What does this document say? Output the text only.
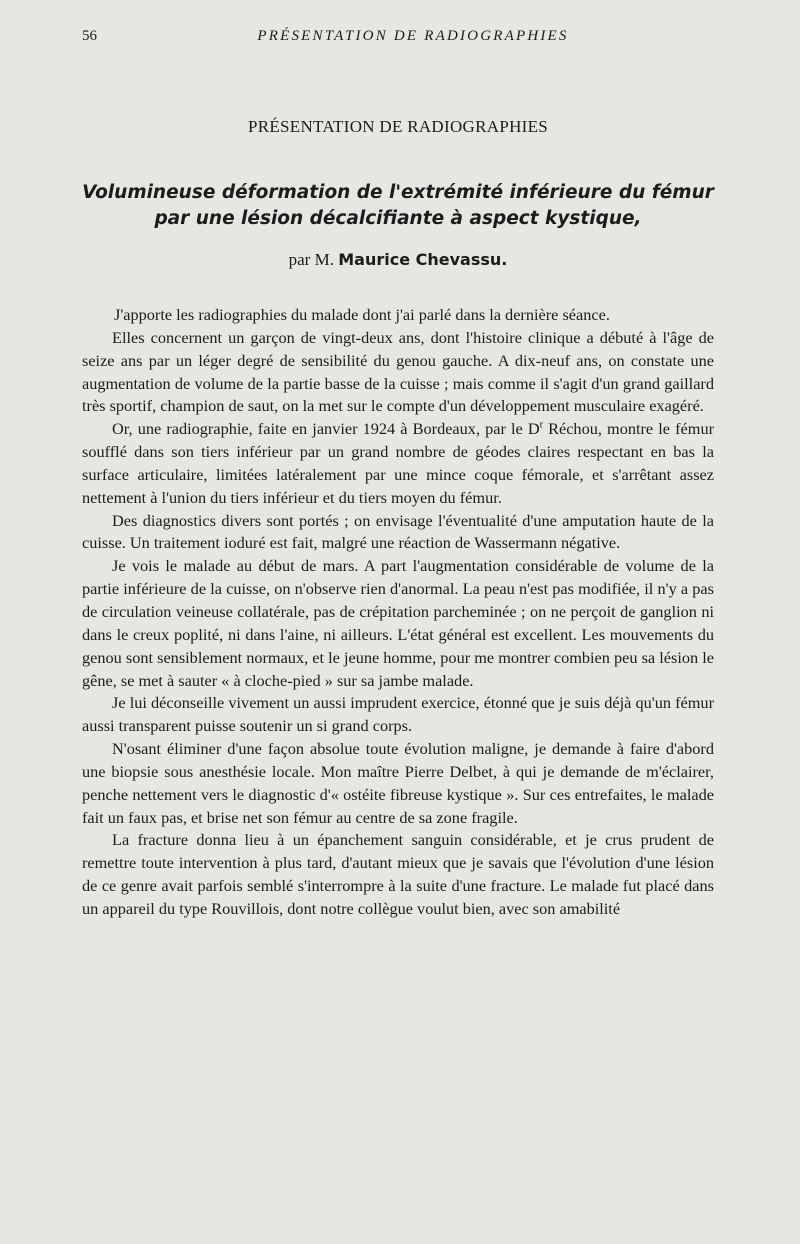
56	PRÉSENTATION DE RADIOGRAPHIES
PRÉSENTATION DE RADIOGRAPHIES
Volumineuse déformation de l'extrémité inférieure du fémur
par une lésion décalcifiante à aspect kystique,
par M. Maurice Chevassu.

J'apporte les radiographies du malade dont j'ai parlé dans la dernière séance.

Elles concernent un garçon de vingt-deux ans, dont l'histoire clinique a débuté à l'âge de seize ans par un léger degré de sensibilité du genou gauche. A dix-neuf ans, on constate une augmentation de volume de la partie basse de la cuisse ; mais comme il s'agit d'un grand gaillard très sportif, champion de saut, on la met sur le compte d'un développement musculaire exagéré.

Or, une radiographie, faite en janvier 1924 à Bordeaux, par le $D^r$ Réchou, montre le fémur soufflé dans son tiers inférieur par un grand nombre de géodes claires respectant en bas la surface articulaire, limitées latéralement par une mince coque fémorale, et s'arrêtant assez nettement à l'union du tiers inférieur et du tiers moyen du fémur.

Des diagnostics divers sont portés ; on envisage l'éventualité d'une amputation haute de la cuisse. Un traitement ioduré est fait, malgré une réaction de Wassermann négative.

Je vois le malade au début de mars. A part l'augmentation considérable de volume de la partie inférieure de la cuisse, on n'observe rien d'anormal. La peau n'est pas modifiée, il n'y a pas de circulation veineuse collatérale, pas de crépitation parcheminée ; on ne perçoit de ganglion ni dans le creux poplité, ni dans l'aine, ni ailleurs. L'état général est excellent. Les mouvements du genou sont sensiblement normaux, et le jeune homme, pour me montrer combien peu sa lésion le gêne, se met à sauter « à cloche-pied » sur sa jambe malade.

Je lui déconseille vivement un aussi imprudent exercice, étonné que je suis déjà qu'un fémur aussi transparent puisse soutenir un si grand corps.

N'osant éliminer d'une façon absolue toute évolution maligne, je demande à faire d'abord une biopsie sous anesthésie locale. Mon maître Pierre Delbet, à qui je demande de m'éclairer, penche nettement vers le diagnostic d'« ostéite fibreuse kystique ». Sur ces entrefaites, le malade fait un faux pas, et brise net son fémur au centre de sa zone fragile.

La fracture donna lieu à un épanchement sanguin considérable, et je crus prudent de remettre toute intervention à plus tard, d'autant mieux que je savais que l'évolution d'une lésion de ce genre avait parfois semblé s'interrompre à la suite d'une fracture. Le malade fut placé dans un appareil du type Rouvillois, dont notre collègue voulut bien, avec son amabilité
